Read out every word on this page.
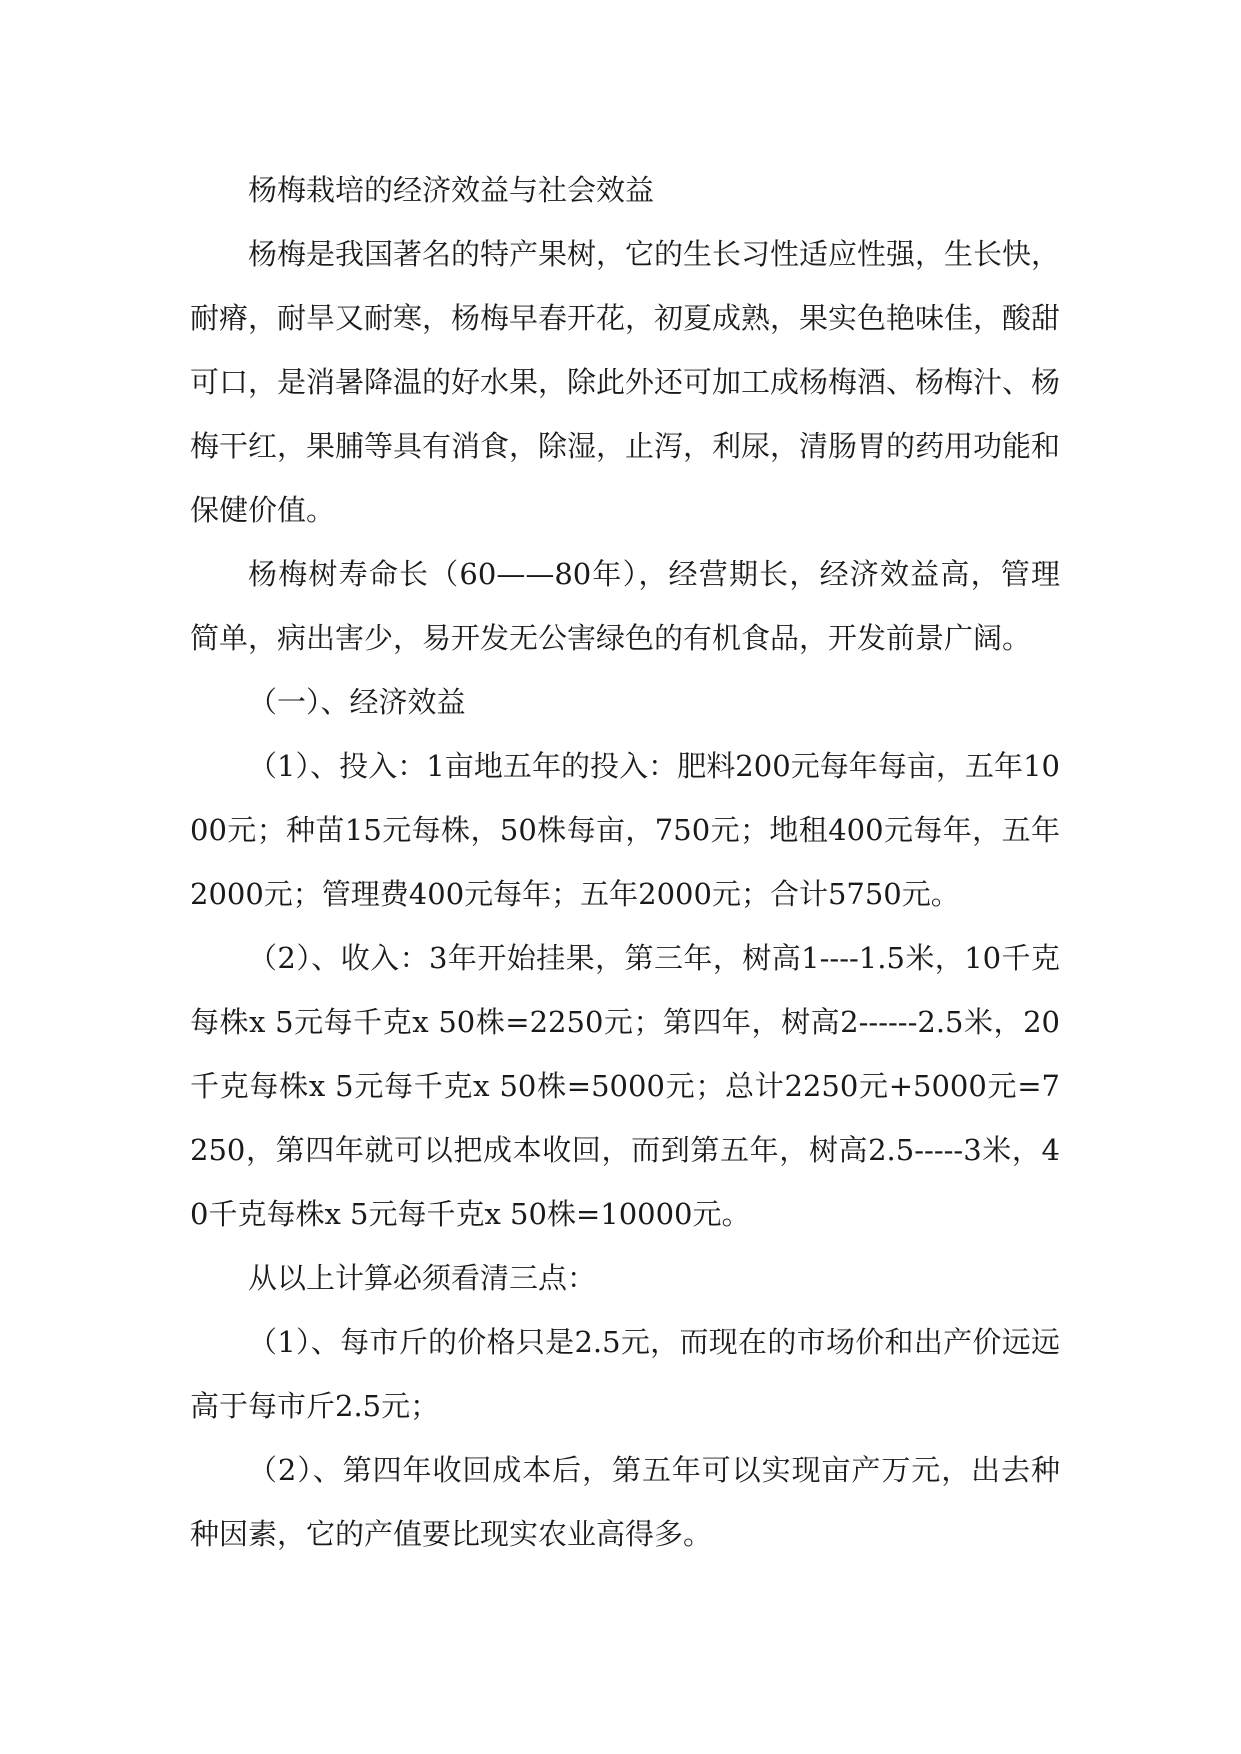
杨梅栽培的经济效益与社会效益

杨梅是我国著名的特产果树，它的生长习性适应性强，生长快，耐瘠，耐旱又耐寒，杨梅早春开花，初夏成熟，果实色艳味佳，酸甜可口，是消暑降温的好水果，除此外还可加工成杨梅酒、杨梅汁、杨梅干红，果脯等具有消食，除湿，止泻，利尿，清肠胃的药用功能和保健价值。

杨梅树寿命长（60——80年），经营期长，经济效益高，管理简单，病出害少，易开发无公害绿色的有机食品，开发前景广阔。

（一）、经济效益

（1）、投入：1亩地五年的投入：肥料200元每年每亩，五年1000元；种苗15元每株，50株每亩，750元；地租400元每年，五年2000元；管理费400元每年；五年2000元；合计5750元。

（2）、收入：3年开始挂果，第三年，树高1----1.5米，10千克每株x 5元每千克x 50株=2250元；第四年，树高2------2.5米，20千克每株x 5元每千克x 50株=5000元；总计2250元+5000元=7250，第四年就可以把成本收回，而到第五年，树高2.5-----3米，40千克每株x 5元每千克x 50株=10000元。

从以上计算必须看清三点：

（1）、每市斤的价格只是2.5元，而现在的市场价和出产价远远高于每市斤2.5元；

（2）、第四年收回成本后，第五年可以实现亩产万元，出去种种因素，它的产值要比现实农业高得多。
